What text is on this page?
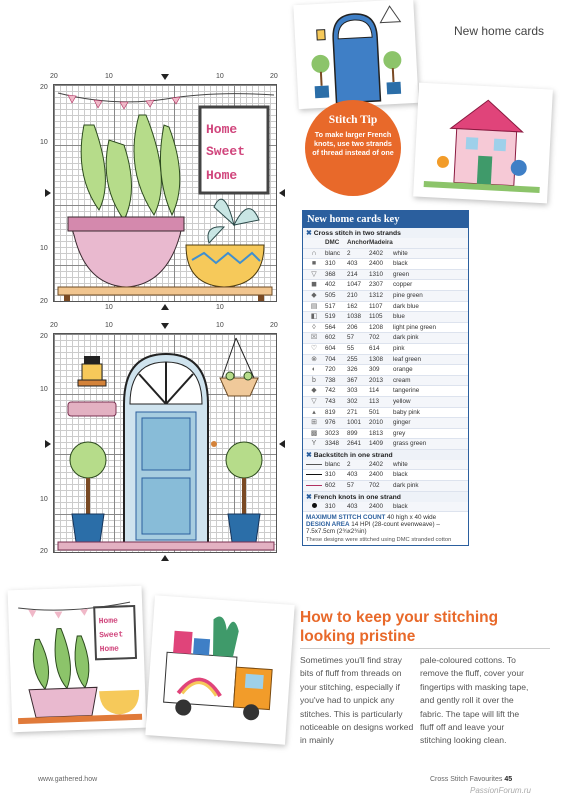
New home cards
20	10	10	20
20
10
10
20
10	10
Home
Sweet
Home
20	10	10	20
20
10
10
20
Stitch Tip

To make larger French knots, use two strands of thread instead of one

New home cards key
✖ Cross stitch in two strands
DMC	Anchor Madeira
∩	blanc	2	2402	white
■	310	403	2400	black
▽	368	214	1310	green
◼	402	1047	2307	copper
◆	505	210	1312	pine green
▤	517	162	1107	dark blue
◧	519	1038	1105	blue
◊	564	206	1208	light pine green
☒	602	57	702	dark pink
♡	604	55	614	pink
⊗	704	255	1308	leaf green
◐	720	326	309	orange
b	738	367	2013	cream
◆	742	303	114	tangerine
▽	743	302	113	yellow
▴	819	271	501	baby pink
⊞	976	1001	2010	ginger
▩	3023	899	1813	grey
Y	3348	2641	1409	grass green
✖ Backstitch in one strand
blanc	2	2402	white
310	403	2400	black
602	57	702	dark pink
✖ French knots in one strand
310	403	2400	black
MAXIMUM STITCH COUNT 40 high x 40 wide
DESIGN AREA 14 HPI (28-count evenweave) – 7.5x7.5cm (2¾x2¾in)
These designs were stitched using DMC stranded cotton
Home
Sweet
Home
How to keep your stitching looking pristine
Sometimes you'll find stray bits of fluff from threads on your stitching, especially if you've had to unpick any stitches. This is particularly noticeable on designs worked in mainly
pale-coloured cottons. To remove the fluff, cover your fingertips with masking tape, and gently roll it over the fabric. The tape will lift the fluff off and leave your stitching looking clean.
www.gathered.how	Cross Stitch Favourites 45
PassionForum.ru
